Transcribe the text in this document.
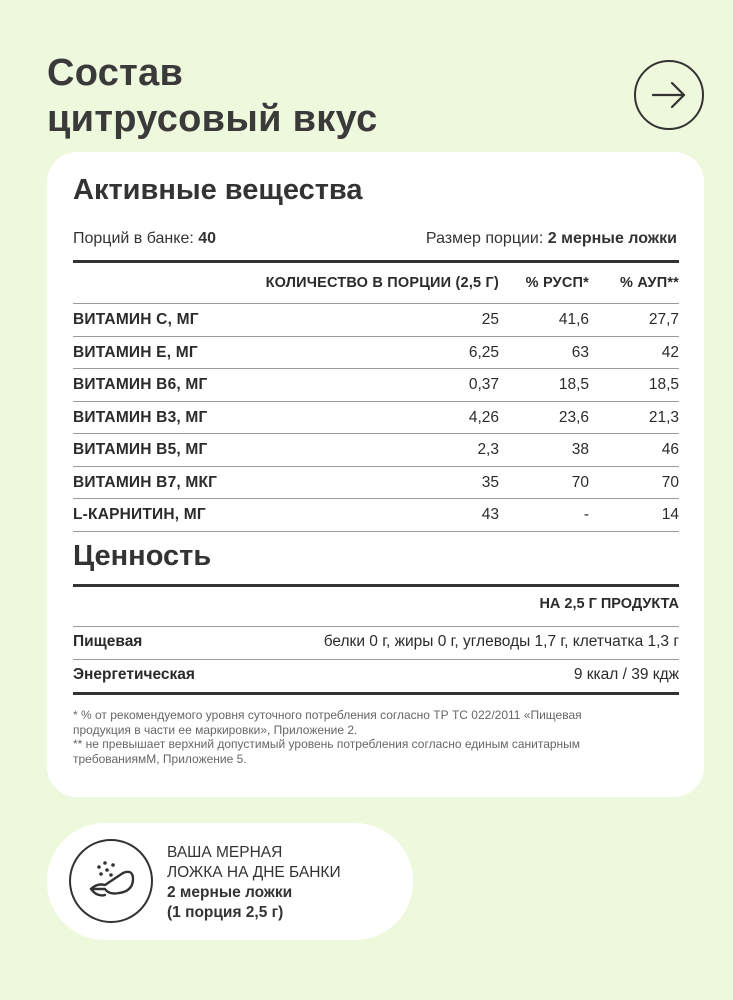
Состав
цитрусовый вкус
Активные вещества
Порций в банке: 40	Размер порции: 2 мерные ложки
КОЛИЧЕСТВО В ПОРЦИИ (2,5 Г) % РУСП* % АУП**
ВИТАМИН С, МГ	25	41,6	27,7
ВИТАМИН Е, МГ	6,25	63	42
ВИТАМИН В6, МГ	0,37	18,5	18,5
ВИТАМИН В3, МГ	4,26	23,6	21,3
ВИТАМИН В5, МГ	2,3	38	46
ВИТАМИН В7, МКГ	35	70	70
L-КАРНИТИН, МГ	43	-	14
Ценность
НА 2,5 Г ПРОДУКТА
Пищевая	белки 0 г, жиры 0 г, углеводы 1,7 г, клетчатка 1,3 г
Энергетическая	9 ккал / 39 кдж
* % от рекомендуемого уровня суточного потребления согласно ТР ТС 022/2011 «Пищевая
продукция в части ее маркировки», Приложение 2.
** не превышает верхний допустимый уровень потребления согласно единым санитарным
требованиямМ, Приложение 5.
ВАША МЕРНАЯ
ЛОЖКА НА ДНЕ БАНКИ
2 мерные ложки
(1 порция 2,5 г)
